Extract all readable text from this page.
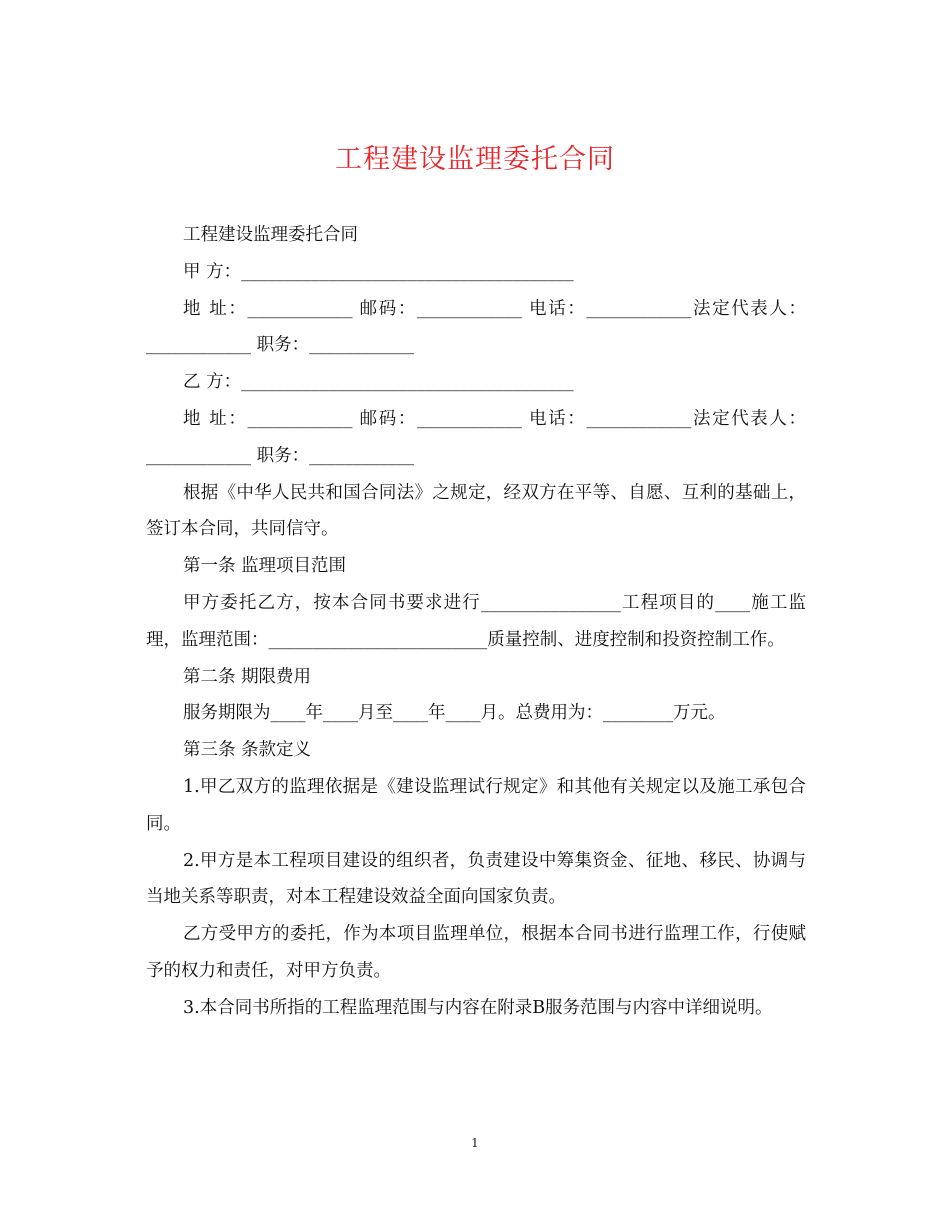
工程建设监理委托合同

工程建设监理委托合同

甲 方：______________________________________

地 址：____________ 邮码：____________ 电话：____________法定代表人：____________ 职务：____________

乙 方：______________________________________

地 址：____________ 邮码：____________ 电话：____________法定代表人：____________ 职务：____________

根据《中华人民共和国合同法》之规定，经双方在平等、自愿、互利的基础上，签订本合同，共同信守。

第一条 监理项目范围

甲方委托乙方，按本合同书要求进行________________工程项目的____施工监理，监理范围：_________________________质量控制、进度控制和投资控制工作。

第二条 期限费用

服务期限为____年____月至____年____月。总费用为：________万元。

第三条 条款定义

1.甲乙双方的监理依据是《建设监理试行规定》和其他有关规定以及施工承包合同。

2.甲方是本工程项目建设的组织者，负责建设中筹集资金、征地、移民、协调与当地关系等职责，对本工程建设效益全面向国家负责。

乙方受甲方的委托，作为本项目监理单位，根据本合同书进行监理工作，行使赋予的权力和责任，对甲方负责。

3.本合同书所指的工程监理范围与内容在附录B服务范围与内容中详细说明。

1
